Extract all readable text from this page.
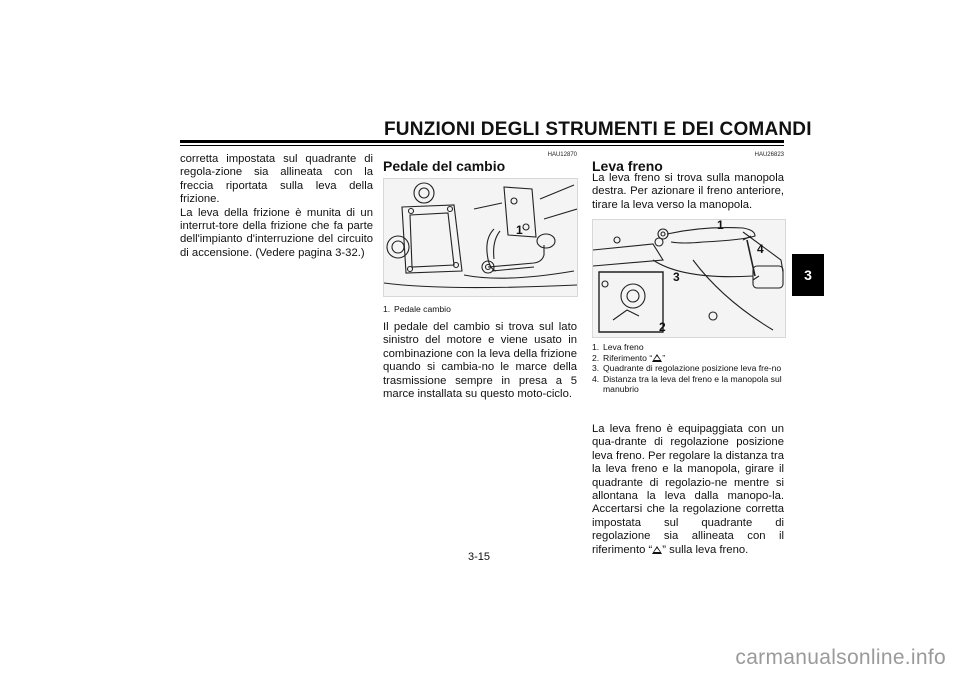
FUNZIONI DEGLI STRUMENTI E DEI COMANDI
3

corretta impostata sul quadrante di regola-zione sia allineata con la freccia riportata sulla leva della frizione.

La leva della frizione è munita di un interrut-tore della frizione che fa parte dell'impianto d'interruzione del circuito di accensione. (Vedere pagina 3-32.)

HAU12870
Pedale del cambio
1
1. Pedale cambio
Il pedale del cambio si trova sul lato sinistro del motore e viene usato in combinazione con la leva della frizione quando si cambia-no le marce della trasmissione sempre in presa a 5 marce installata su questo moto-ciclo.
HAU26823
Leva freno
La leva freno si trova sulla manopola destra. Per azionare il freno anteriore, tirare la leva verso la manopola.
1
2
3
4
1. Leva freno
2. Riferimento “ ”
3. Quadrante di regolazione posizione leva fre-no
4. Distanza tra la leva del freno e la manopola sul manubrio
La leva freno è equipaggiata con un qua-drante di regolazione posizione leva freno. Per regolare la distanza tra la leva freno e la manopola, girare il quadrante di regolazio-ne mentre si allontana la leva dalla manopo-la. Accertarsi che la regolazione corretta impostata sul quadrante di regolazione sia allineata con il riferimento “ ” sulla leva freno.
3-15
carmanualsonline.info
